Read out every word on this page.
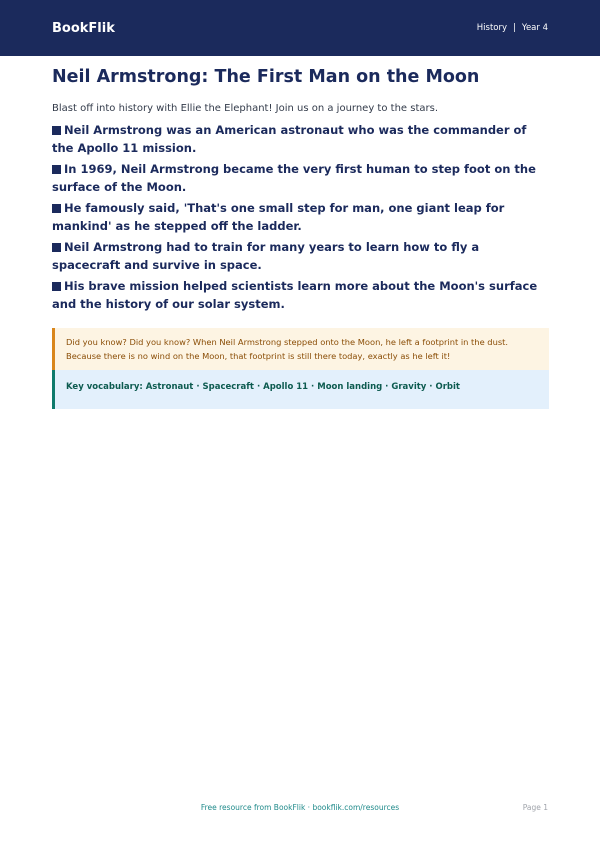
BookFlik	History | Year 4
Neil Armstrong: The First Man on the Moon

Blast off into history with Ellie the Elephant! Join us on a journey to the stars.

Neil Armstrong was an American astronaut who was the commander of the Apollo 11 mission.
In 1969, Neil Armstrong became the very first human to step foot on the surface of the Moon.
He famously said, 'That's one small step for man, one giant leap for mankind' as he stepped off the ladder.
Neil Armstrong had to train for many years to learn how to fly a spacecraft and survive in space.
His brave mission helped scientists learn more about the Moon's surface and the history of our solar system.
Did you know? Did you know? When Neil Armstrong stepped onto the Moon, he left a footprint in the dust. Because there is no wind on the Moon, that footprint is still there today, exactly as he left it!
Key vocabulary: Astronaut · Spacecraft · Apollo 11 · Moon landing · Gravity · Orbit
Free resource from BookFlik · bookflik.com/resources	Page 1
